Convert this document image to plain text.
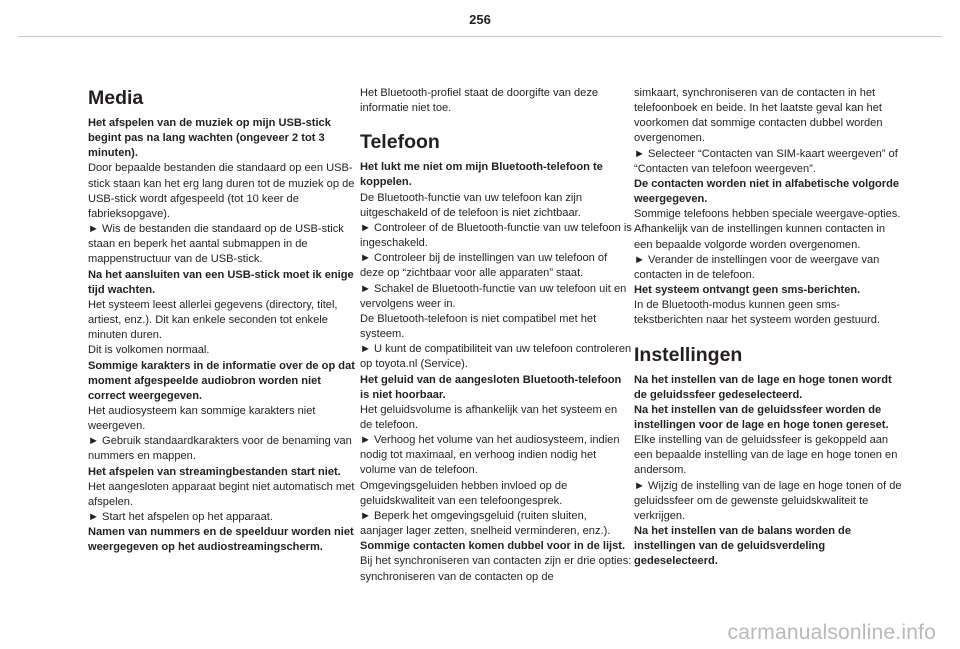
256
Media

Het afspelen van de muziek op mijn USB-stick begint pas na lang wachten (ongeveer 2 tot 3 minuten).

Door bepaalde bestanden die standaard op een USB-stick staan kan het erg lang duren tot de muziek op de USB-stick wordt afgespeeld (tot 10 keer de fabrieksopgave).

► Wis de bestanden die standaard op de USB-stick staan en beperk het aantal submappen in de mappenstructuur van de USB-stick.

Na het aansluiten van een USB-stick moet ik enige tijd wachten.

Het systeem leest allerlei gegevens (directory, titel, artiest, enz.). Dit kan enkele seconden tot enkele minuten duren.

Dit is volkomen normaal.

Sommige karakters in de informatie over de op dat moment afgespeelde audiobron worden niet correct weergegeven.

Het audiosysteem kan sommige karakters niet weergeven.

► Gebruik standaardkarakters voor de benaming van nummers en mappen.

Het afspelen van streamingbestanden start niet.

Het aangesloten apparaat begint niet automatisch met afspelen.

► Start het afspelen op het apparaat.

Namen van nummers en de speelduur worden niet weergegeven op het audiostreamingscherm.

Het Bluetooth-profiel staat de doorgifte van deze informatie niet toe.

Telefoon

Het lukt me niet om mijn Bluetooth-telefoon te koppelen.

De Bluetooth-functie van uw telefoon kan zijn uitgeschakeld of de telefoon is niet zichtbaar.

► Controleer of de Bluetooth-functie van uw telefoon is ingeschakeld.

► Controleer bij de instellingen van uw telefoon of deze op “zichtbaar voor alle apparaten” staat.

► Schakel de Bluetooth-functie van uw telefoon uit en vervolgens weer in.

De Bluetooth-telefoon is niet compatibel met het systeem.

► U kunt de compatibiliteit van uw telefoon controleren op toyota.nl (Service).

Het geluid van de aangesloten Bluetooth-telefoon is niet hoorbaar.

Het geluidsvolume is afhankelijk van het systeem en de telefoon.

► Verhoog het volume van het audiosysteem, indien nodig tot maximaal, en verhoog indien nodig het volume van de telefoon.

Omgevingsgeluiden hebben invloed op de geluidskwaliteit van een telefoongesprek.

► Beperk het omgevingsgeluid (ruiten sluiten, aanjager lager zetten, snelheid verminderen, enz.).

Sommige contacten komen dubbel voor in de lijst.

Bij het synchroniseren van contacten zijn er drie opties: synchroniseren van de contacten op de

simkaart, synchroniseren van de contacten in het telefoonboek en beide. In het laatste geval kan het voorkomen dat sommige contacten dubbel worden overgenomen.

► Selecteer “Contacten van SIM-kaart weergeven” of “Contacten van telefoon weergeven”.

De contacten worden niet in alfabetische volgorde weergegeven.

Sommige telefoons hebben speciale weergave-opties. Afhankelijk van de instellingen kunnen contacten in een bepaalde volgorde worden overgenomen.

► Verander de instellingen voor de weergave van contacten in de telefoon.

Het systeem ontvangt geen sms-berichten.

In de Bluetooth-modus kunnen geen sms-tekstberichten naar het systeem worden gestuurd.

Instellingen

Na het instellen van de lage en hoge tonen wordt de geluidssfeer gedeselecteerd.

Na het instellen van de geluidssfeer worden de instellingen voor de lage en hoge tonen gereset.

Elke instelling van de geluidssfeer is gekoppeld aan een bepaalde instelling van de lage en hoge tonen en andersom.

► Wijzig de instelling van de lage en hoge tonen of de geluidssfeer om de gewenste geluidskwaliteit te verkrijgen.

Na het instellen van de balans worden de instellingen van de geluidsverdeling gedeselecteerd.

carmanualsonline.info
